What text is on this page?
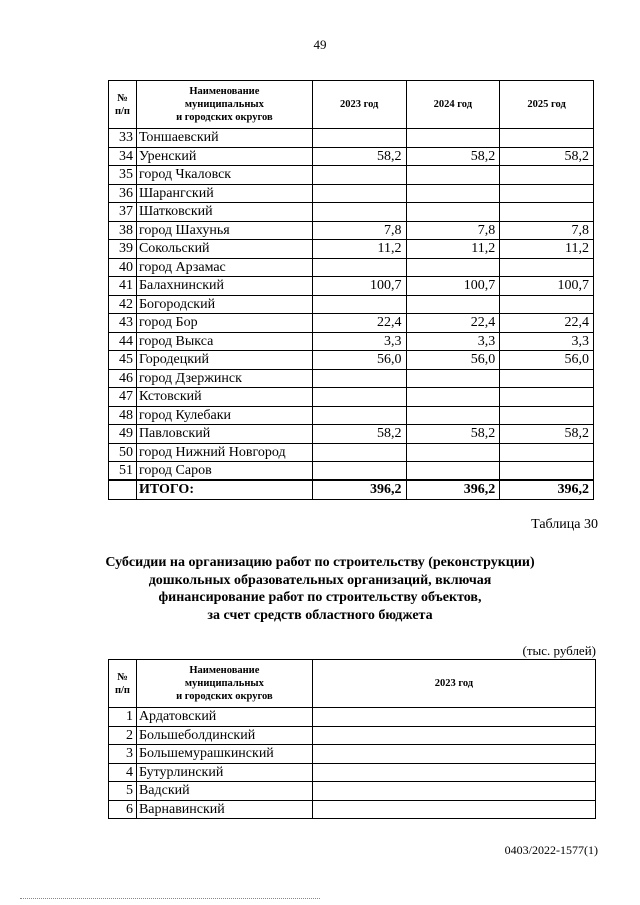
49
№
п/п	Наименование
муниципальных
и городских округов	2023 год	2024 год	2025 год
33	Тоншаевский			
34	Уренский	58,2	58,2	58,2
35	город Чкаловск			
36	Шарангский			
37	Шатковский			
38	город Шахунья	7,8	7,8	7,8
39	Сокольский	11,2	11,2	11,2
40	город Арзамас			
41	Балахнинский	100,7	100,7	100,7
42	Богородский			
43	город Бор	22,4	22,4	22,4
44	город Выкса	3,3	3,3	3,3
45	Городецкий	56,0	56,0	56,0
46	город Дзержинск			
47	Кстовский			
48	город Кулебаки			
49	Павловский	58,2	58,2	58,2
50	город Нижний Новгород			
51	город Саров			
	ИТОГО:	396,2	396,2	396,2
Таблица 30
Субсидии на организацию работ по строительству (реконструкции)
дошкольных образовательных организаций, включая
финансирование работ по строительству объектов,
за счет средств областного бюджета
(тыс. рублей)
№
п/п	Наименование
муниципальных
и городских округов	2023 год
1	Ардатовский	
2	Большеболдинский	
3	Большемурашкинский	
4	Бутурлинский	
5	Вадский	
6	Варнавинский	
0403/2022-1577(1)
